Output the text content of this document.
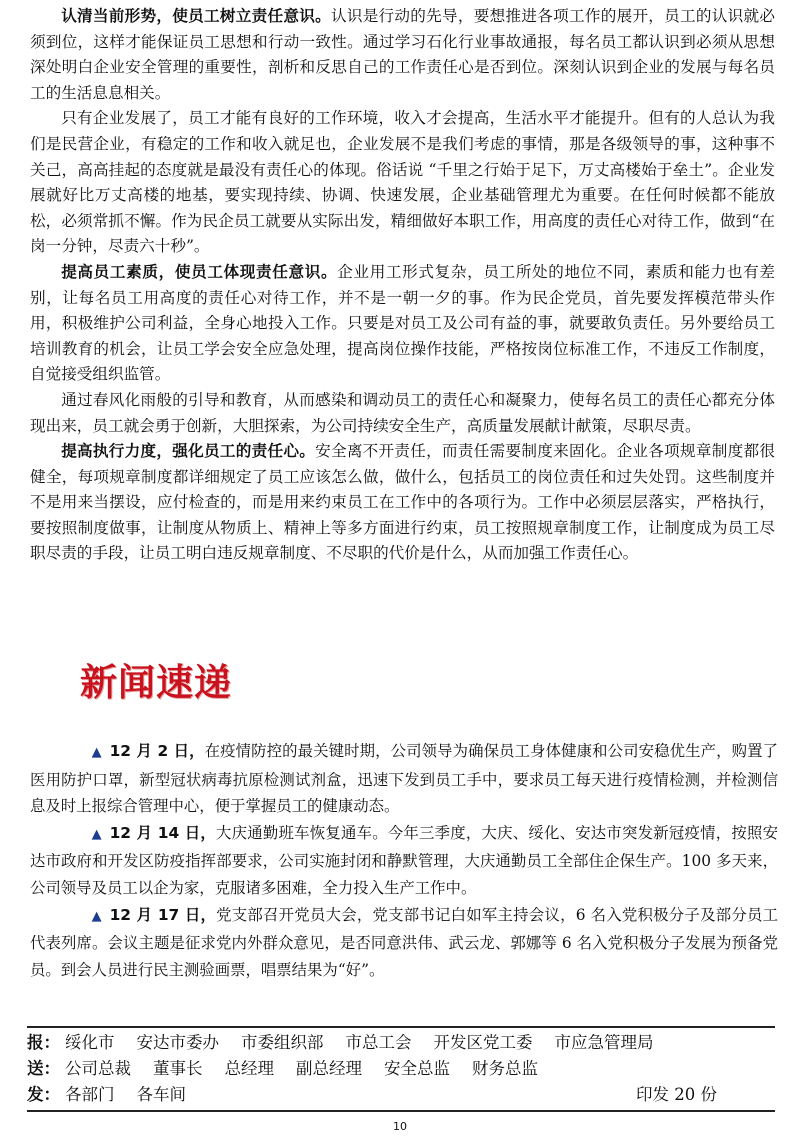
认清当前形势，使员工树立责任意识。认识是行动的先导，要想推进各项工作的展开，员工的认识就必须到位，这样才能保证员工思想和行动一致性。通过学习石化行业事故通报，每名员工都认识到必须从思想深处明白企业安全管理的重要性，剖析和反思自己的工作责任心是否到位。深刻认识到企业的发展与每名员工的生活息息相关。

只有企业发展了，员工才能有良好的工作环境，收入才会提高，生活水平才能提升。但有的人总认为我们是民营企业，有稳定的工作和收入就足也，企业发展不是我们考虑的事情，那是各级领导的事，这种事不关己，高高挂起的态度就是最没有责任心的体现。俗话说 “千里之行始于足下，万丈高楼始于垒土”。企业发展就好比万丈高楼的地基，要实现持续、协调、快速发展，企业基础管理尤为重要。在任何时候都不能放松，必须常抓不懈。作为民企员工就要从实际出发，精细做好本职工作，用高度的责任心对待工作，做到“在岗一分钟，尽责六十秒”。

提高员工素质，使员工体现责任意识。企业用工形式复杂，员工所处的地位不同，素质和能力也有差别，让每名员工用高度的责任心对待工作，并不是一朝一夕的事。作为民企党员，首先要发挥模范带头作用，积极维护公司利益，全身心地投入工作。只要是对员工及公司有益的事，就要敢负责任。另外要给员工培训教育的机会，让员工学会安全应急处理，提高岗位操作技能，严格按岗位标准工作，不违反工作制度，自觉接受组织监管。

通过春风化雨般的引导和教育，从而感染和调动员工的责任心和凝聚力，使每名员工的责任心都充分体现出来，员工就会勇于创新，大胆探索，为公司持续安全生产，高质量发展献计献策，尽职尽责。

提高执行力度，强化员工的责任心。安全离不开责任，而责任需要制度来固化。企业各项规章制度都很健全，每项规章制度都详细规定了员工应该怎么做，做什么，包括员工的岗位责任和过失处罚。这些制度并不是用来当摆设，应付检查的，而是用来约束员工在工作中的各项行为。工作中必须层层落实，严格执行，要按照制度做事，让制度从物质上、精神上等多方面进行约束，员工按照规章制度工作，让制度成为员工尽职尽责的手段，让员工明白违反规章制度、不尽职的代价是什么，从而加强工作责任心。

新闻速递

▲ 12 月 2 日，在疫情防控的最关键时期，公司领导为确保员工身体健康和公司安稳优生产，购置了医用防护口罩，新型冠状病毒抗原检测试剂盒，迅速下发到员工手中，要求员工每天进行疫情检测，并检测信息及时上报综合管理中心，便于掌握员工的健康动态。

▲ 12 月 14 日，大庆通勤班车恢复通车。今年三季度，大庆、绥化、安达市突发新冠疫情，按照安达市政府和开发区防疫指挥部要求，公司实施封闭和静默管理，大庆通勤员工全部住企保生产。100 多天来，公司领导及员工以企为家，克服诸多困难，全力投入生产工作中。

▲ 12 月 17 日，党支部召开党员大会，党支部书记白如军主持会议，6 名入党积极分子及部分员工代表列席。会议主题是征求党内外群众意见，是否同意洪伟、武云龙、郭娜等 6 名入党积极分子发展为预备党员。到会人员进行民主测验画票，唱票结果为“好”。

报： 绥化市 安达市委办 市委组织部 市总工会 开发区党工委 市应急管理局
送： 公司总裁 董事长 总经理 副总经理 安全总监 财务总监
发： 各部门 各车间	印发 20 份
10
